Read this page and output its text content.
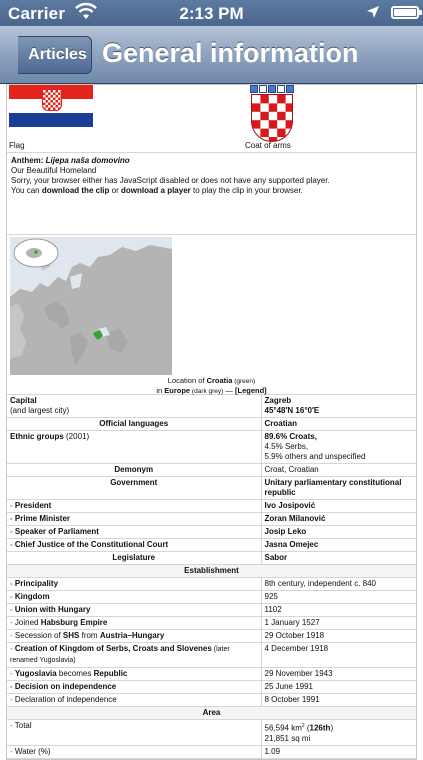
Carrier	2:13 PM
Articles General information
Flag	Coat of arms
Anthem: Lijepa naša domovino
Our Beautiful Homeland
Sorry, your browser either has JavaScript disabled or does not have any supported player.
You can download the clip or download a player to play the clip in your browser.
Location of Croatia (green)
in Europe (dark grey) — [Legend]
Capital
(and largest city)	Zagreb
45°48′N 16°0′E
Official languages	Croatian
Ethnic groups (2001)	89.6% Croats,
4.5% Serbs,
5.9% others and unspecified
Demonym	Croat, Croatian
Government	Unitary parliamentary constitutional republic
- President	Ivo Josipović
- Prime Minister	Zoran Milanović
- Speaker of Parliament	Josip Leko
- Chief Justice of the Constitutional Court	Jasna Omejec
Legislature	Sabor
Establishment	
- Principality	8th century, independent c. 840
- Kingdom	925
- Union with Hungary	1102
- Joined Habsburg Empire	1 January 1527
- Secession of SHS from Austria–Hungary	29 October 1918
- Creation of Kingdom of Serbs, Croats and Slovenes (later renamed Yugoslavia)	4 December 1918
- Yugoslavia becomes Republic	29 November 1943
- Decision on independence	25 June 1991
- Declaration of independence	8 October 1991
Area	
- Total	56,594 $km^2$ (126th)
21,851 sq mi
- Water (%)	1.09
